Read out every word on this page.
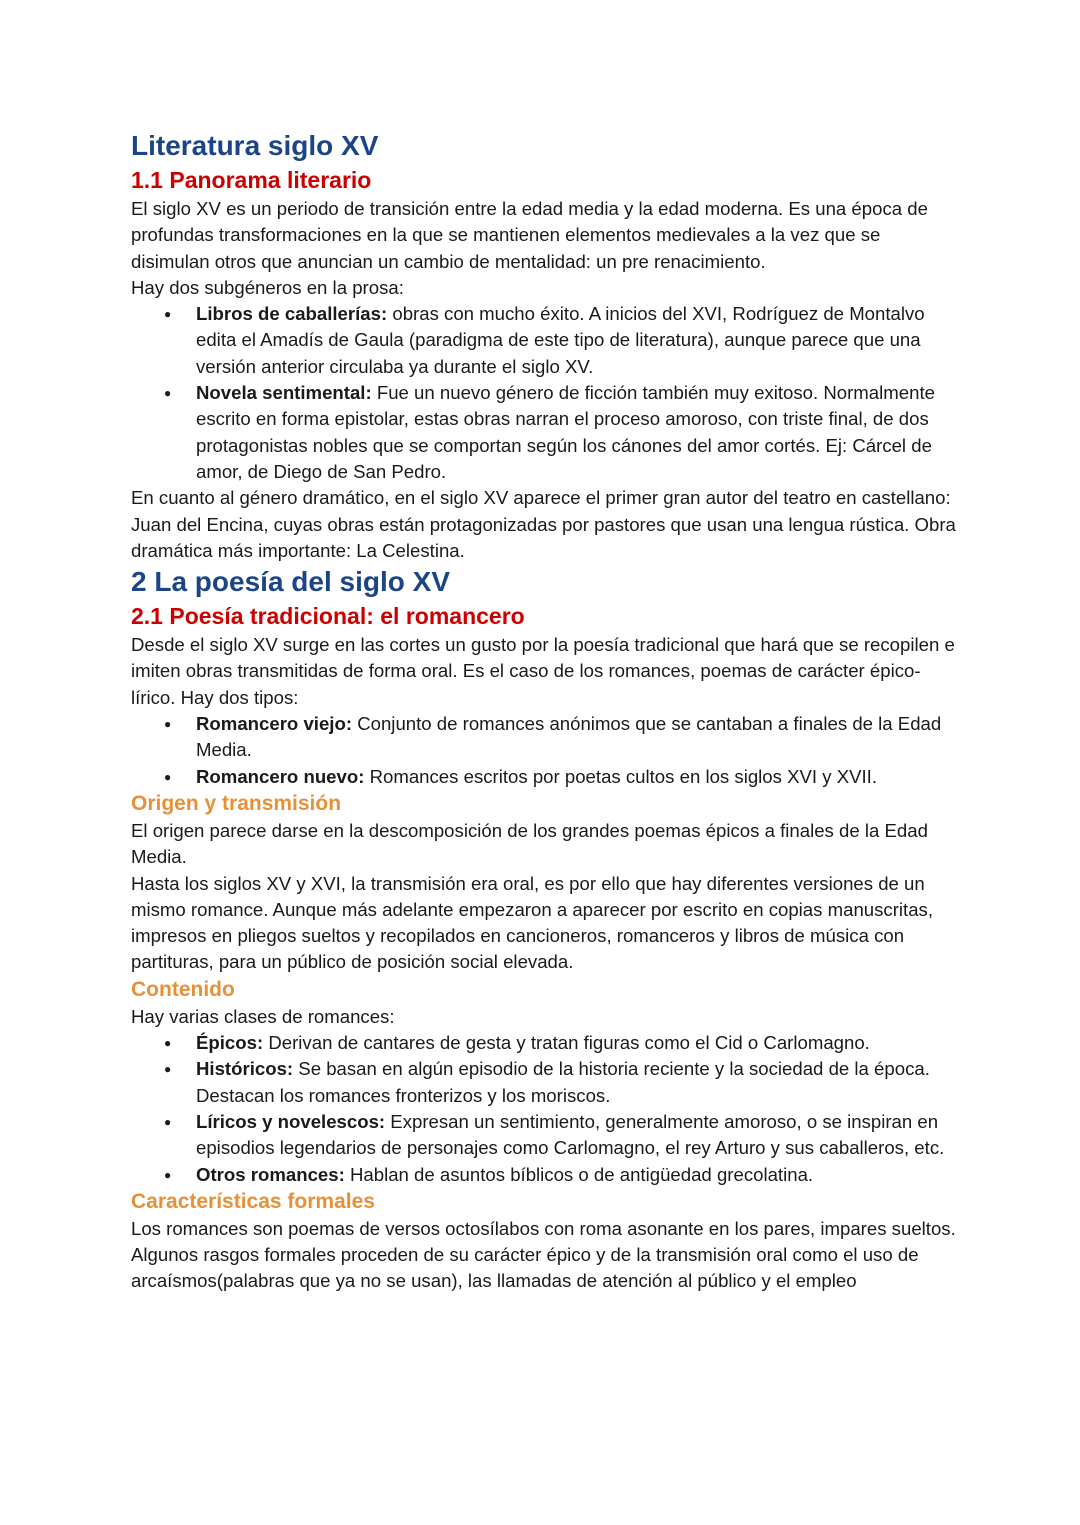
Literatura siglo XV
1.1 Panorama literario

El siglo XV es un periodo de transición entre la edad media y la edad moderna. Es una época de profundas transformaciones en la que se mantienen elementos medievales a la vez que se disimulan otros que anuncian un cambio de mentalidad: un pre renacimiento.

Hay dos subgéneros en la prosa:

● Libros de caballerías: obras con mucho éxito. A inicios del XVI, Rodríguez de Montalvo edita el Amadís de Gaula (paradigma de este tipo de literatura), aunque parece que una versión anterior circulaba ya durante el siglo XV.
● Novela sentimental: Fue un nuevo género de ficción también muy exitoso. Normalmente escrito en forma epistolar, estas obras narran el proceso amoroso, con triste final, de dos protagonistas nobles que se comportan según los cánones del amor cortés. Ej: Cárcel de amor, de Diego de San Pedro.

En cuanto al género dramático, en el siglo XV aparece el primer gran autor del teatro en castellano: Juan del Encina, cuyas obras están protagonizadas por pastores que usan una lengua rústica. Obra dramática más importante: La Celestina.

2 La poesía del siglo XV
2.1 Poesía tradicional: el romancero

Desde el siglo XV surge en las cortes un gusto por la poesía tradicional que hará que se recopilen e imiten obras transmitidas de forma oral. Es el caso de los romances, poemas de carácter épico-lírico. Hay dos tipos:

● Romancero viejo: Conjunto de romances anónimos que se cantaban a finales de la Edad Media.
● Romancero nuevo: Romances escritos por poetas cultos en los siglos XVI y XVII.
Origen y transmisión

El origen parece darse en la descomposición de los grandes poemas épicos a finales de la Edad Media.

Hasta los siglos XV y XVI, la transmisión era oral, es por ello que hay diferentes versiones de un mismo romance. Aunque más adelante empezaron a aparecer por escrito en copias manuscritas, impresos en pliegos sueltos y recopilados en cancioneros, romanceros y libros de música con partituras, para un público de posición social elevada.

Contenido

Hay varias clases de romances:

● Épicos: Derivan de cantares de gesta y tratan figuras como el Cid o Carlomagno.
● Históricos: Se basan en algún episodio de la historia reciente y la sociedad de la época. Destacan los romances fronterizos y los moriscos.
● Líricos y novelescos: Expresan un sentimiento, generalmente amoroso, o se inspiran en episodios legendarios de personajes como Carlomagno, el rey Arturo y sus caballeros, etc.
● Otros romances: Hablan de asuntos bíblicos o de antigüedad grecolatina.
Características formales

Los romances son poemas de versos octosílabos con roma asonante en los pares, impares sueltos.

Algunos rasgos formales proceden de su carácter épico y de la transmisión oral como el uso de arcaísmos(palabras que ya no se usan), las llamadas de atención al público y el empleo
